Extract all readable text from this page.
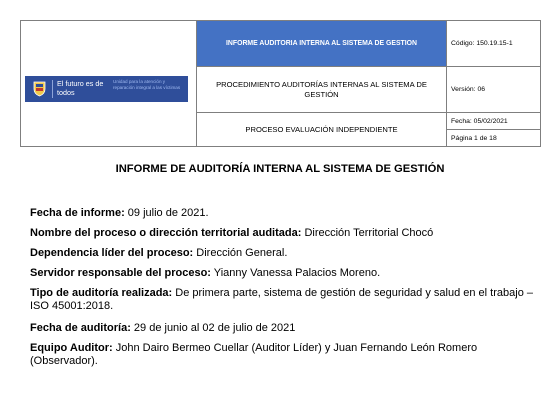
El futuro es de todos
Unidad para la atención y reparación integral a las víctimas	INFORME AUDITORIA INTERNA AL SISTEMA DE GESTION	Código: 150.19.15-1
	PROCEDIMIENTO AUDITORÍAS INTERNAS AL SISTEMA DE GESTIÓN	Versión: 06
	PROCESO EVALUACIÓN INDEPENDIENTE	Fecha: 05/02/2021
		Página 1 de 18
INFORME DE AUDITORÍA INTERNA AL SISTEMA DE GESTIÓN
Fecha de informe: 09 julio de 2021.
Nombre del proceso o dirección territorial auditada: Dirección Territorial Chocó
Dependencia líder del proceso: Dirección General.
Servidor responsable del proceso: Yianny Vanessa Palacios Moreno.
Tipo de auditoría realizada: De primera parte, sistema de gestión de seguridad y salud en el trabajo – ISO 45001:2018.
Fecha de auditoría: 29 de junio al 02 de julio de 2021
Equipo Auditor: John Dairo Bermeo Cuellar (Auditor Líder) y Juan Fernando León Romero (Observador).
